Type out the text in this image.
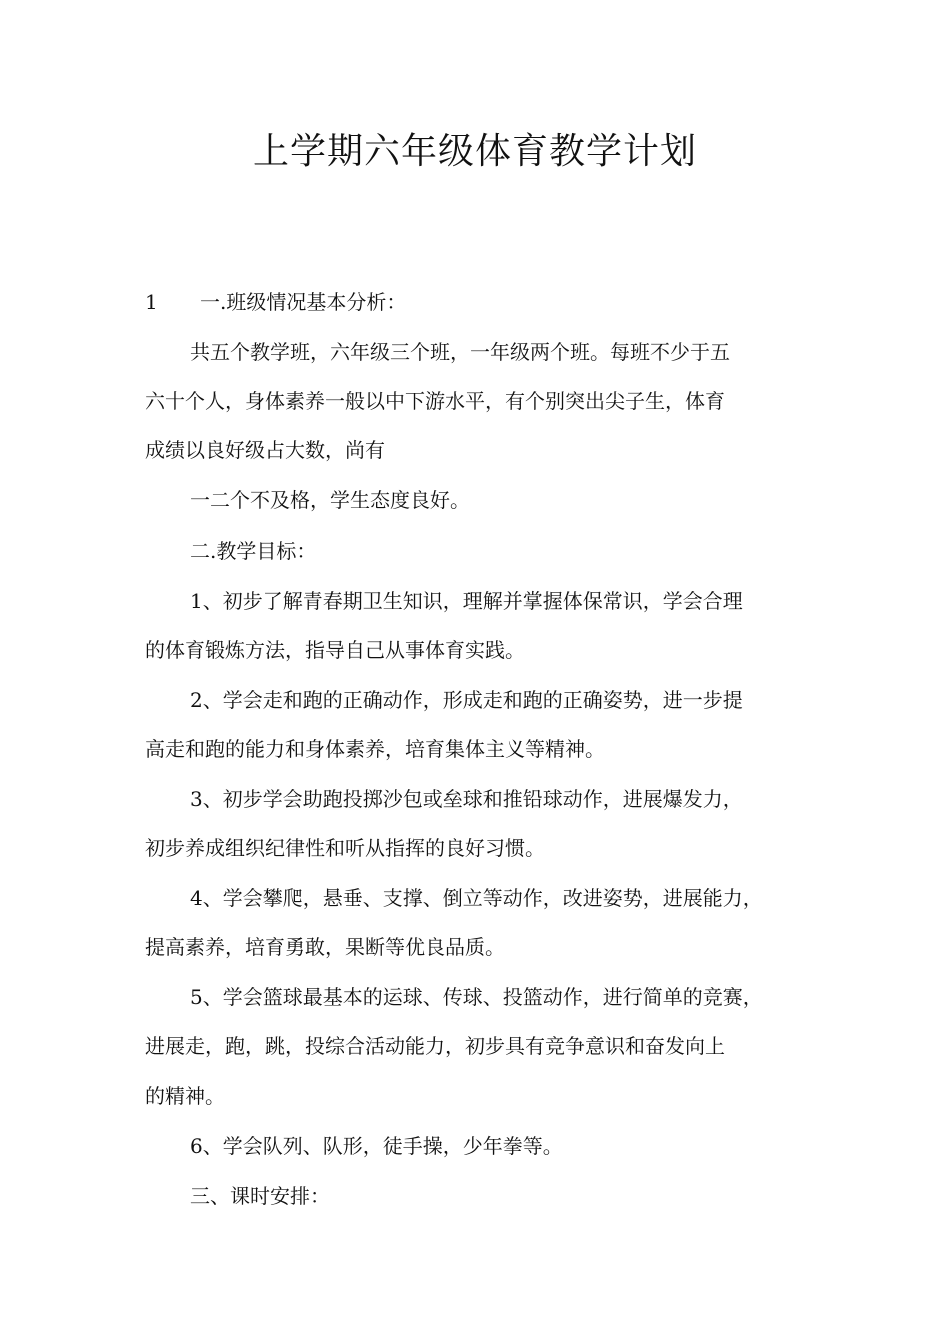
上学期六年级体育教学计划
1 一.班级情况基本分析：

共五个教学班，六年级三个班，一年级两个班。每班不少于五

六十个人，身体素养一般以中下游水平，有个别突出尖子生，体育

成绩以良好级占大数，尚有

一二个不及格，学生态度良好。

二.教学目标：

1、初步了解青春期卫生知识，理解并掌握体保常识，学会合理

的体育锻炼方法，指导自己从事体育实践。

2、学会走和跑的正确动作，形成走和跑的正确姿势，进一步提

高走和跑的能力和身体素养，培育集体主义等精神。

3、初步学会助跑投掷沙包或垒球和推铅球动作，进展爆发力，

初步养成组织纪律性和听从指挥的良好习惯。

4、学会攀爬，悬垂、支撑、倒立等动作，改进姿势，进展能力，

提高素养，培育勇敢，果断等优良品质。

5、学会篮球最基本的运球、传球、投篮动作，进行简单的竞赛，

进展走，跑，跳，投综合活动能力，初步具有竞争意识和奋发向上

的精神。

6、学会队列、队形，徒手操，少年拳等。

三、课时安排：
